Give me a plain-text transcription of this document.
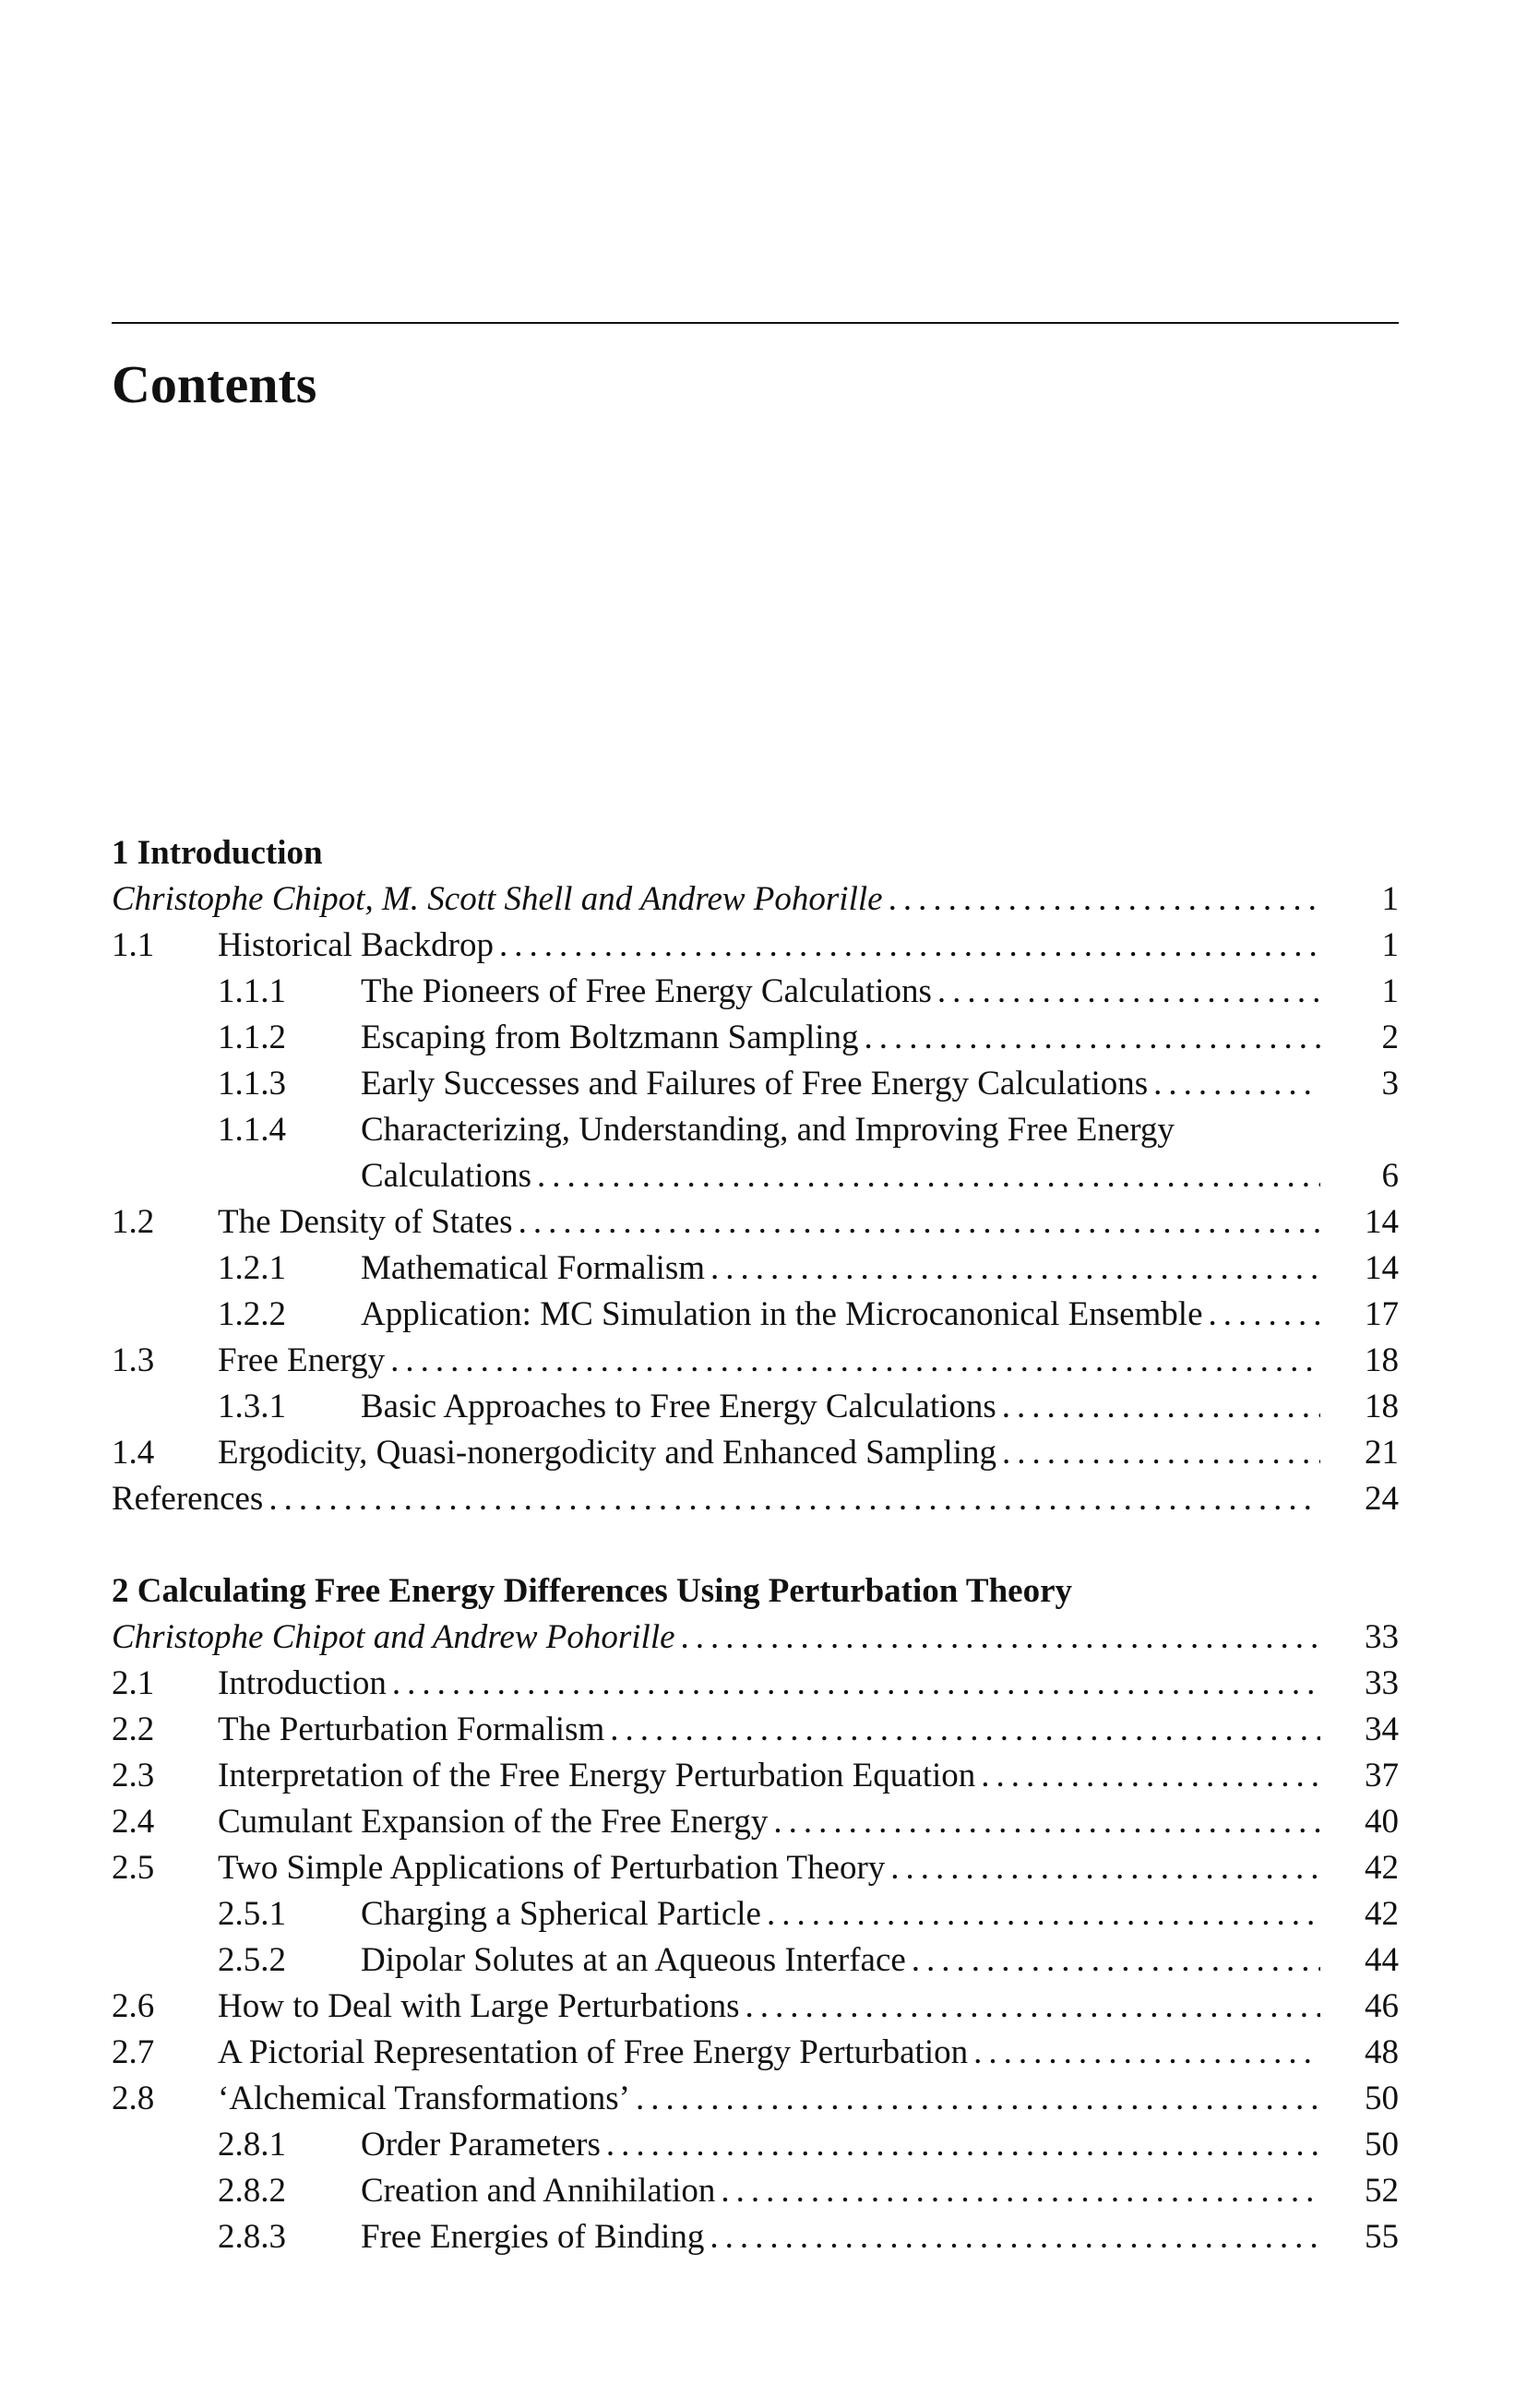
Contents
1 Introduction
Christophe Chipot, M. Scott Shell and Andrew Pohorille .....	1
1.1 Historical Backdrop .....	1
1.1.1 The Pioneers of Free Energy Calculations .....	1
1.1.2 Escaping from Boltzmann Sampling .....	2
1.1.3 Early Successes and Failures of Free Energy Calculations .....	3
1.1.4 Characterizing, Understanding, and Improving Free Energy
Calculations .....	6
1.2 The Density of States .....	14
1.2.1 Mathematical Formalism .....	14
1.2.2 Application: MC Simulation in the Microcanonical Ensemble .....	17
1.3 Free Energy .....	18
1.3.1 Basic Approaches to Free Energy Calculations .....	18
1.4 Ergodicity, Quasi-nonergodicity and Enhanced Sampling .....	21
References .....	24
2 Calculating Free Energy Differences Using Perturbation Theory
Christophe Chipot and Andrew Pohorille .....	33
2.1 Introduction .....	33
2.2 The Perturbation Formalism .....	34
2.3 Interpretation of the Free Energy Perturbation Equation .....	37
2.4 Cumulant Expansion of the Free Energy .....	40
2.5 Two Simple Applications of Perturbation Theory .....	42
2.5.1 Charging a Spherical Particle .....	42
2.5.2 Dipolar Solutes at an Aqueous Interface .....	44
2.6 How to Deal with Large Perturbations .....	46
2.7 A Pictorial Representation of Free Energy Perturbation .....	48
2.8 ‘Alchemical Transformations’ .....	50
2.8.1 Order Parameters .....	50
2.8.2 Creation and Annihilation .....	52
2.8.3 Free Energies of Binding .....	55
